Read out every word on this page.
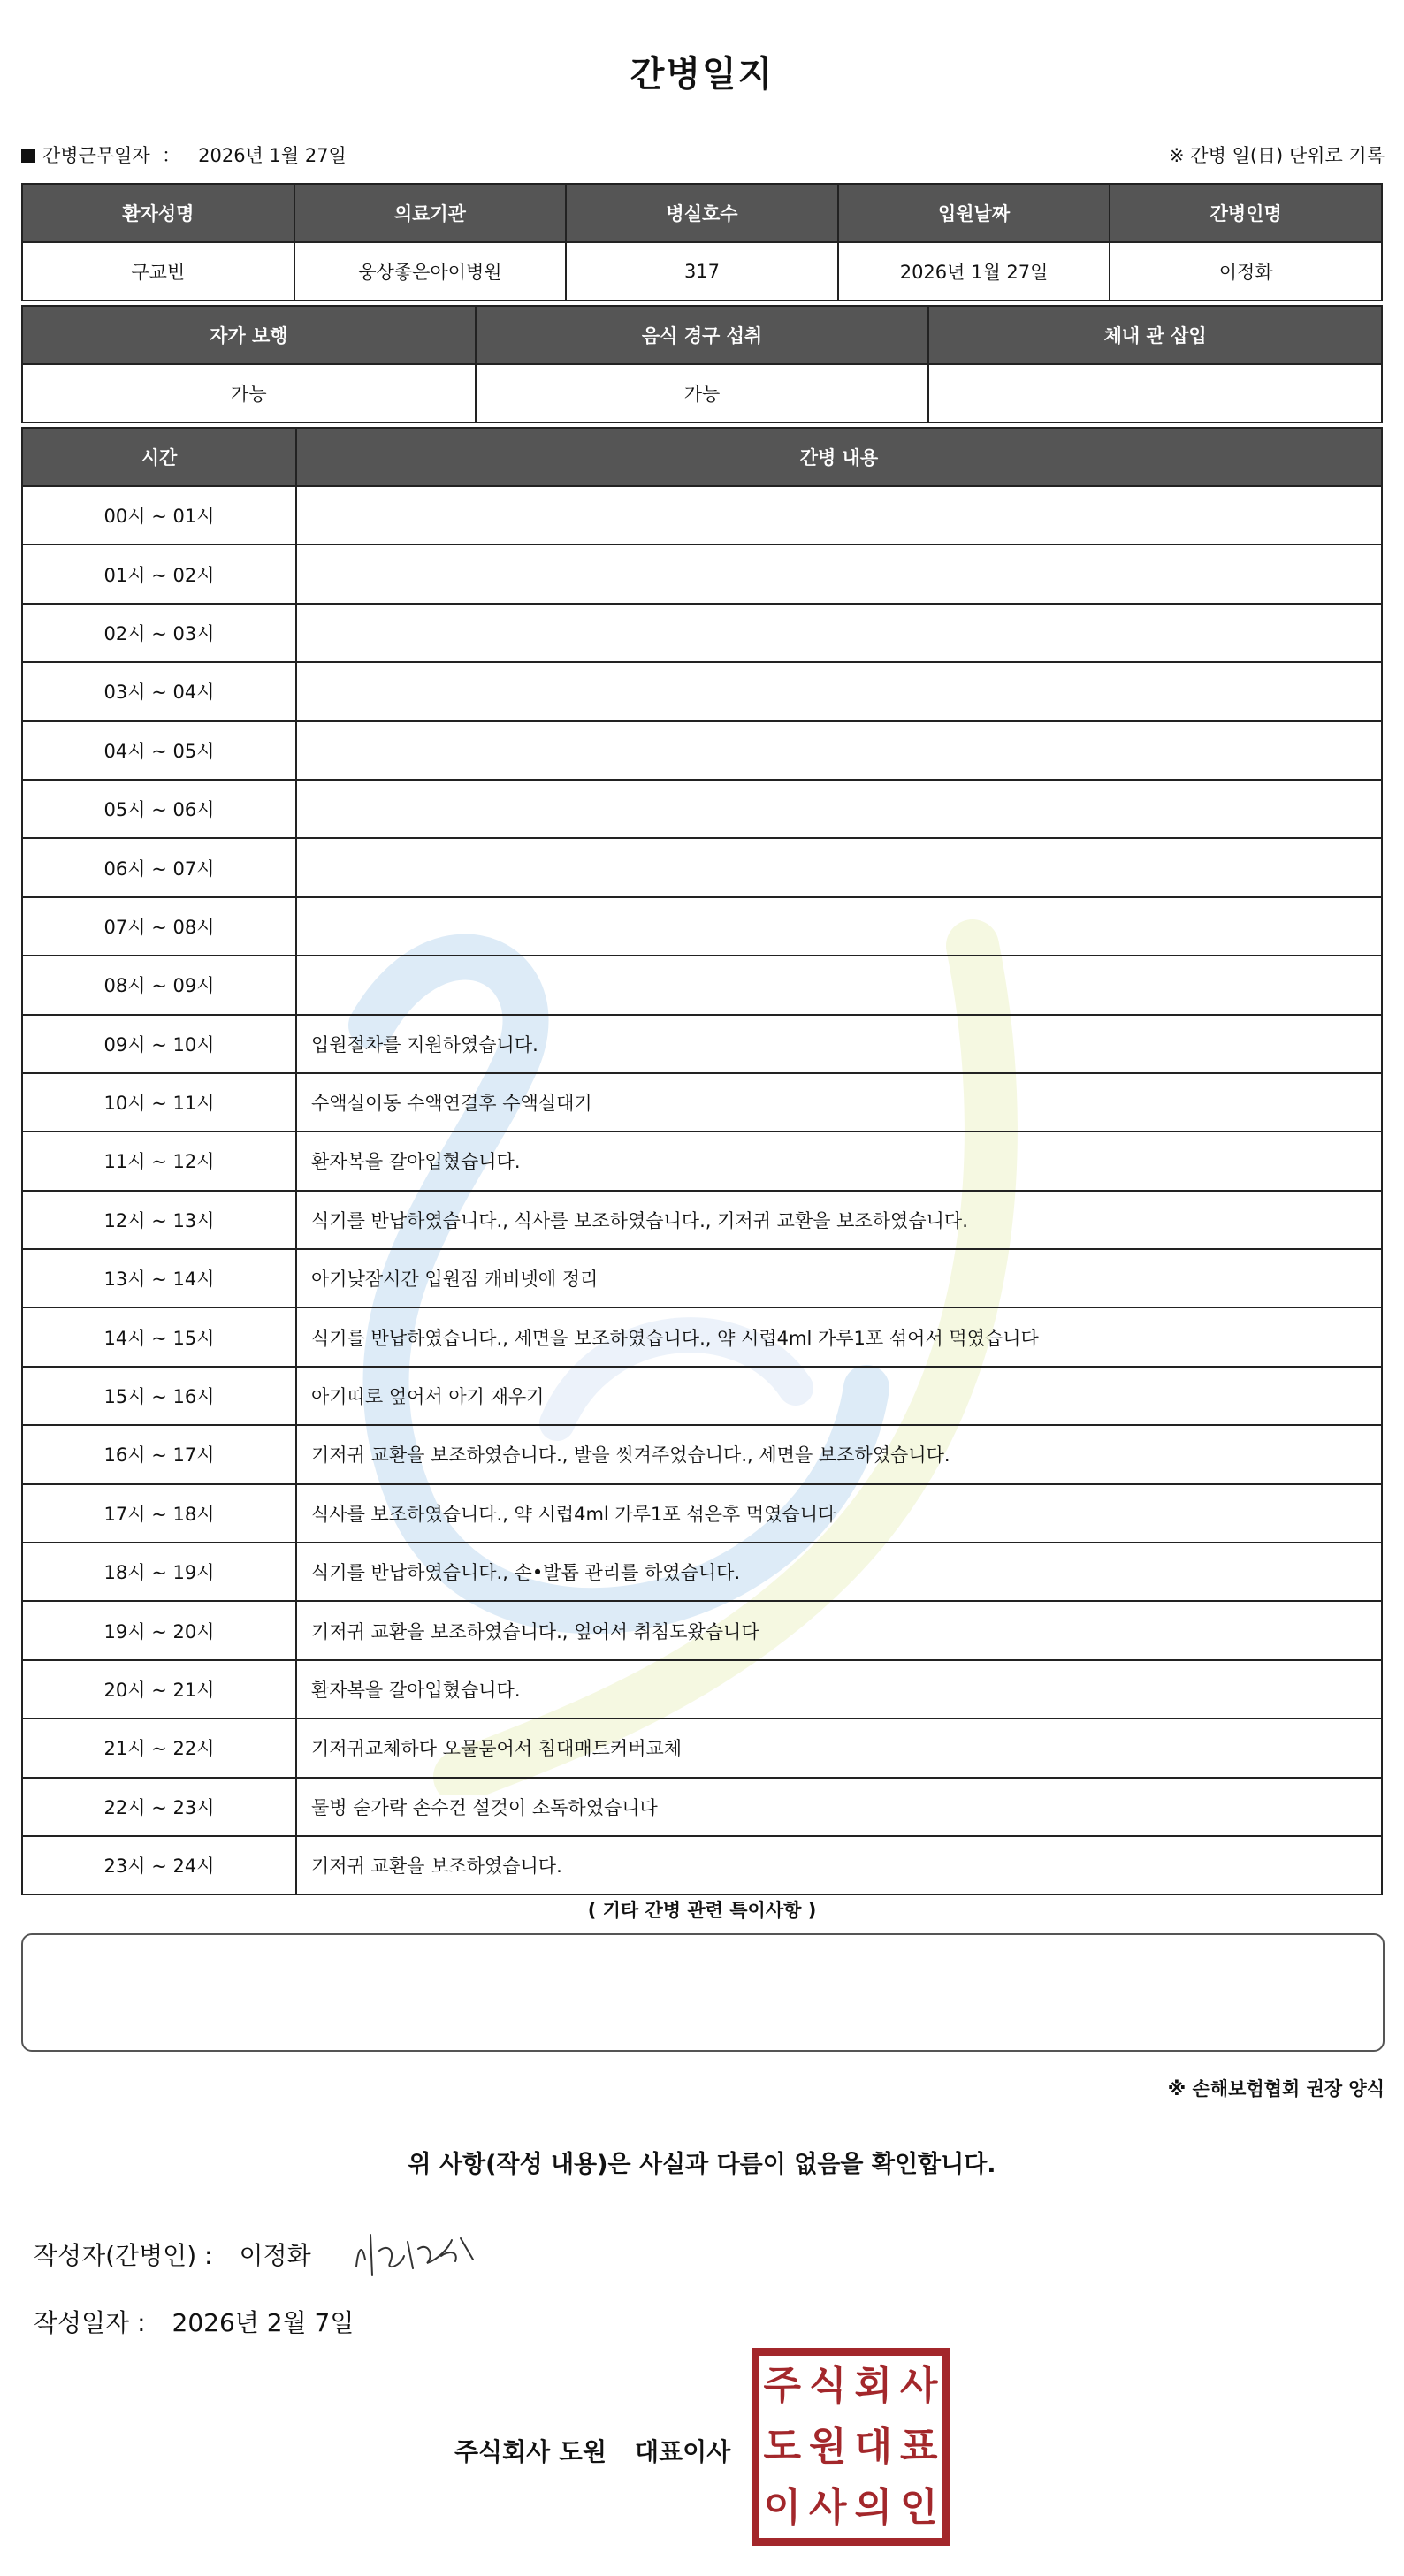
간병일지
간병근무일자 ： 2026년 1월 27일	※ 간병 일(日) 단위로 기록
환자성명	의료기관	병실호수	입원날짜	간병인명
구교빈	웅상좋은아이병원	317	2026년 1월 27일	이정화
자가 보행	음식 경구 섭취	체내 관 삽입
가능	가능	
시간	간병 내용
00시 ~ 01시	
01시 ~ 02시	
02시 ~ 03시	
03시 ~ 04시	
04시 ~ 05시	
05시 ~ 06시	
06시 ~ 07시	
07시 ~ 08시	
08시 ~ 09시	
09시 ~ 10시	입원절차를 지원하였습니다.
10시 ~ 11시	수액실이동 수액연결후 수액실대기
11시 ~ 12시	환자복을 갈아입혔습니다.
12시 ~ 13시	식기를 반납하였습니다., 식사를 보조하였습니다., 기저귀 교환을 보조하였습니다.
13시 ~ 14시	아기낮잠시간 입원짐 캐비넷에 정리
14시 ~ 15시	식기를 반납하였습니다., 세면을 보조하였습니다., 약 시럽4ml 가루1포 섞어서 먹였습니다
15시 ~ 16시	아기띠로 엎어서 아기 재우기
16시 ~ 17시	기저귀 교환을 보조하였습니다., 발을 씻겨주었습니다., 세면을 보조하였습니다.
17시 ~ 18시	식사를 보조하였습니다., 약 시럽4ml 가루1포 섞은후 먹였습니다
18시 ~ 19시	식기를 반납하였습니다., 손•발톱 관리를 하였습니다.
19시 ~ 20시	기저귀 교환을 보조하였습니다., 엎어서 취침도왔습니다
20시 ~ 21시	환자복을 갈아입혔습니다.
21시 ~ 22시	기저귀교체하다 오물묻어서 침대매트커버교체
22시 ~ 23시	물병 숟가락 손수건 설겆이 소독하였습니다
23시 ~ 24시	기저귀 교환을 보조하였습니다.
( 기타 간병 관련 특이사항 )
※ 손해보험협회 권장 양식
위 사항(작성 내용)은 사실과 다름이 없음을 확인합니다.
작성자(간병인) : 이정화
작성일자 : 2026년 2월 7일
주식회사 도원 대표이사
주 식 회 사
도 원 대 표
이 사 의 인
